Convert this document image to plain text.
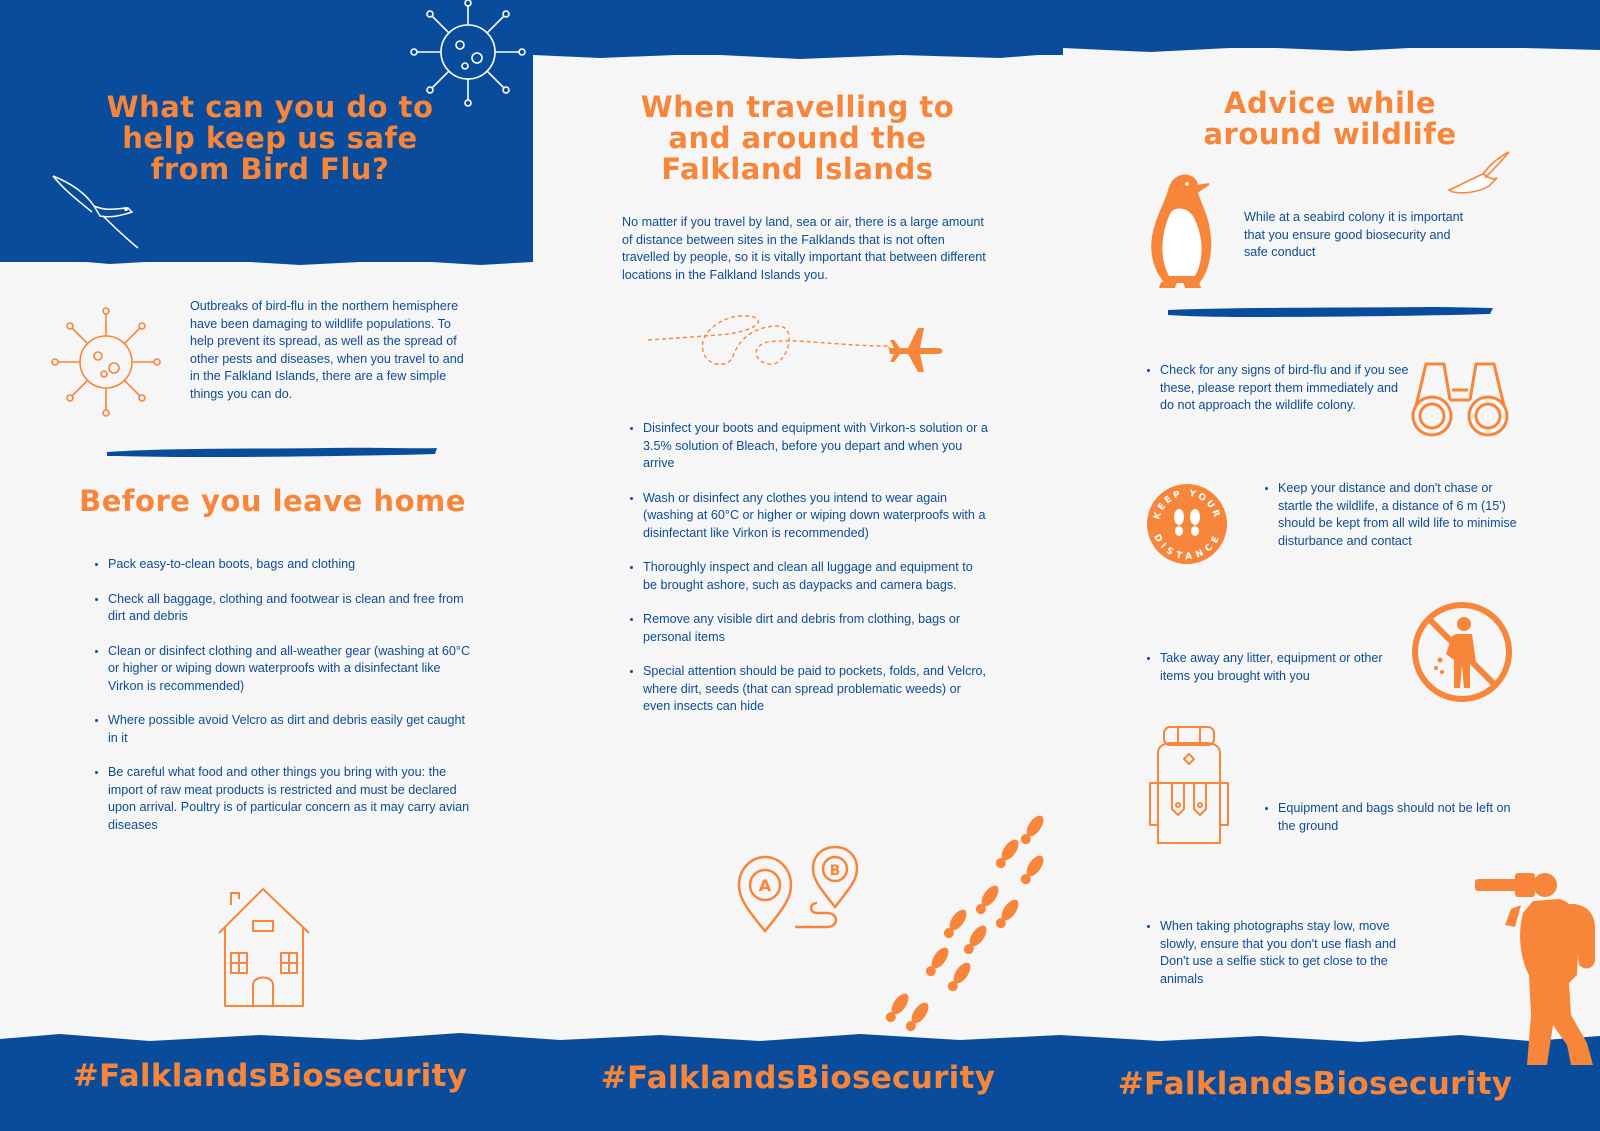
What can you do to help keep us safe from Bird Flu?
Outbreaks of bird-flu in the northern hemisphere have been damaging to wildlife populations. To help prevent its spread, as well as the spread of other pests and diseases, when you travel to and in the Falkland Islands, there are a few simple things you can do.
Before you leave home
• Pack easy-to-clean boots, bags and clothing
• Check all baggage, clothing and footwear is clean and free from dirt and debris
• Clean or disinfect clothing and all-weather gear (washing at 60°C or higher or wiping down waterproofs with a disinfectant like Virkon is recommended)
• Where possible avoid Velcro as dirt and debris easily get caught in it
• Be careful what food and other things you bring with you: the import of raw meat products is restricted and must be declared upon arrival. Poultry is of particular concern as it may carry avian diseases
#FalklandsBiosecurity
When travelling to and around the Falkland Islands
No matter if you travel by land, sea or air, there is a large amount of distance between sites in the Falklands that is not often travelled by people, so it is vitally important that between different locations in the Falkland Islands you.
• Disinfect your boots and equipment with Virkon-s solution or a 3.5% solution of Bleach, before you depart and when you arrive
• Wash or disinfect any clothes you intend to wear again (washing at 60°C or higher or wiping down waterproofs with a disinfectant like Virkon is recommended)
• Thoroughly inspect and clean all luggage and equipment to be brought ashore, such as daypacks and camera bags.
• Remove any visible dirt and debris from clothing, bags or personal items
• Special attention should be paid to pockets, folds, and Velcro, where dirt, seeds (that can spread problematic weeds) or even insects can hide
A
B
#FalklandsBiosecurity
Advice while around wildlife
While at a seabird colony it is important that you ensure good biosecurity and safe conduct
• Check for any signs of bird-flu and if you see these, please report them immediately and do not approach the wildlife colony.
KEEP YOUR
DISTANCE
• Keep your distance and don't chase or startle the wildlife, a distance of 6 m (15') should be kept from all wild life to minimise disturbance and contact
• Take away any litter, equipment or other items you brought with you
• Equipment and bags should not be left on the ground
• When taking photographs stay low, move slowly, ensure that you don't use flash and Don't use a selfie stick to get close to the animals
#FalklandsBiosecurity
